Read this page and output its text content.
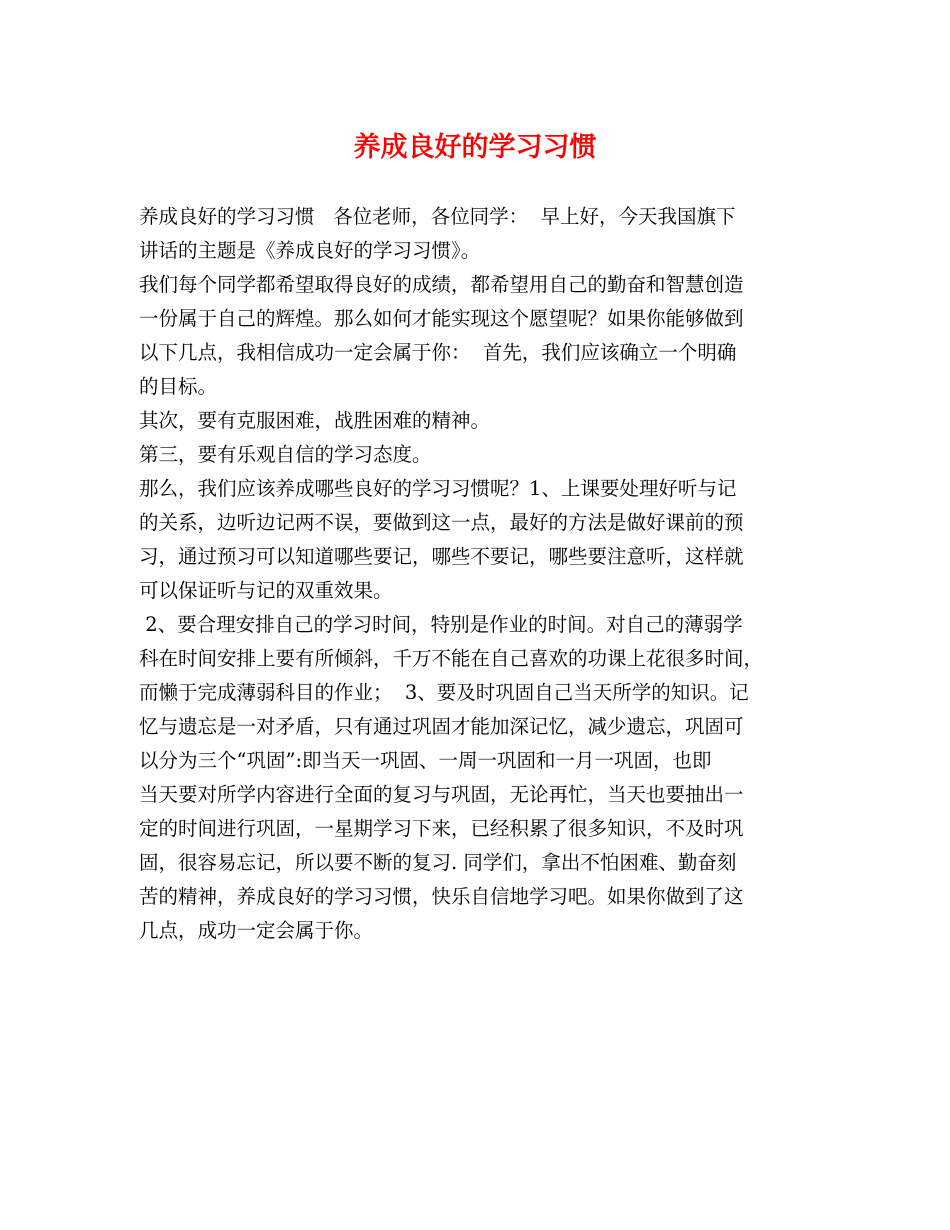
养成良好的学习习惯
养成良好的学习习惯   各位老师，各位同学：  早上好，今天我国旗下
讲话的主题是《养成良好的学习习惯》。
我们每个同学都希望取得良好的成绩，都希望用自己的勤奋和智慧创造
一份属于自己的辉煌。那么如何才能实现这个愿望呢？如果你能够做到
以下几点，我相信成功一定会属于你：  首先，我们应该确立一个明确
的目标。
其次，要有克服困难，战胜困难的精神。
第三，要有乐观自信的学习态度。
那么，我们应该养成哪些良好的学习习惯呢？1、上课要处理好听与记
的关系，边听边记两不误，要做到这一点，最好的方法是做好课前的预
习，通过预习可以知道哪些要记，哪些不要记，哪些要注意听，这样就
可以保证听与记的双重效果。
2、要合理安排自己的学习时间，特别是作业的时间。对自己的薄弱学
科在时间安排上要有所倾斜，千万不能在自己喜欢的功课上花很多时间，
而懒于完成薄弱科目的作业；  3、要及时巩固自己当天所学的知识。记
忆与遗忘是一对矛盾，只有通过巩固才能加深记忆，减少遗忘，巩固可
以分为三个“巩固”:即当天一巩固、一周一巩固和一月一巩固，也即
当天要对所学内容进行全面的复习与巩固，无论再忙，当天也要抽出一
定的时间进行巩固，一星期学习下来，已经积累了很多知识，不及时巩
固，很容易忘记，所以要不断的复习. 同学们，拿出不怕困难、勤奋刻
苦的精神，养成良好的学习习惯，快乐自信地学习吧。如果你做到了这
几点，成功一定会属于你。
